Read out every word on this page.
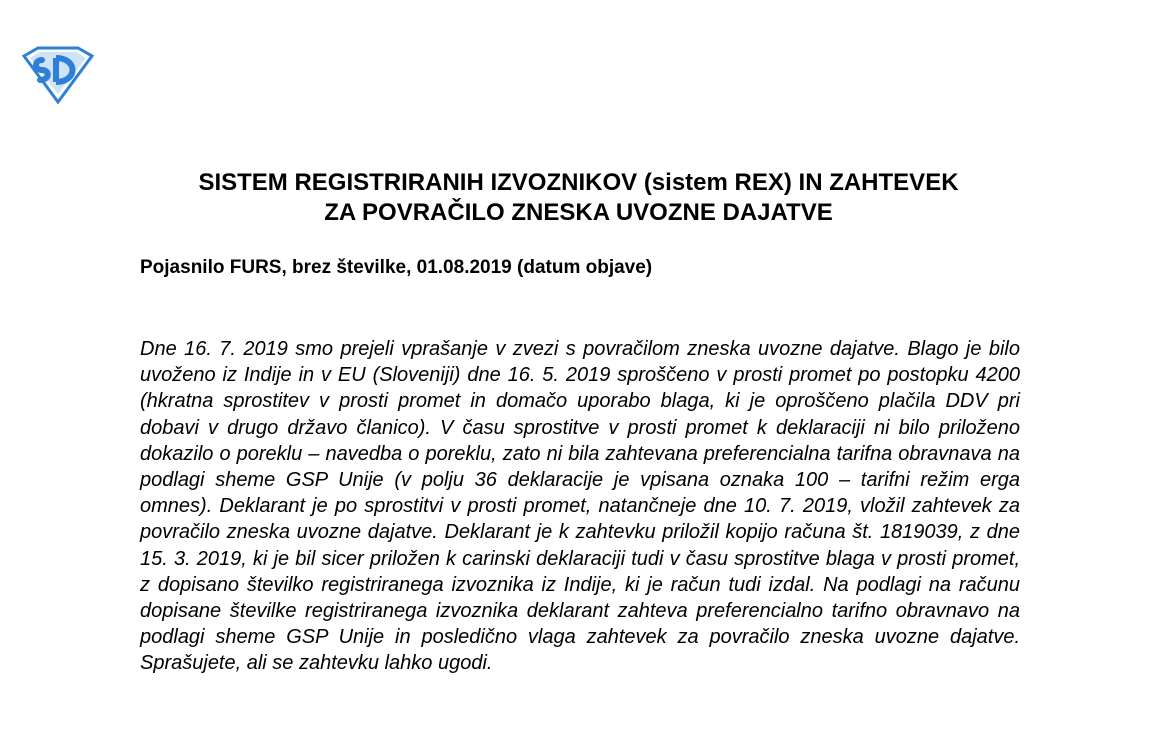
SISTEM REGISTRIRANIH IZVOZNIKOV (sistem REX) IN ZAHTEVEK
ZA POVRAČILO ZNESKA UVOZNE DAJATVE

Pojasnilo FURS, brez številke, 01.08.2019 (datum objave)

Dne 16. 7. 2019 smo prejeli vprašanje v zvezi s povračilom zneska uvozne dajatve. Blago je bilo uvoženo iz Indije in v EU (Sloveniji) dne 16. 5. 2019 sproščeno v prosti promet po postopku 4200 (hkratna sprostitev v prosti promet in domačo uporabo blaga, ki je oproščeno plačila DDV pri dobavi v drugo državo članico). V času sprostitve v prosti promet k deklaraciji ni bilo priloženo dokazilo o poreklu – navedba o poreklu, zato ni bila zahtevana preferencialna tarifna obravnava na podlagi sheme GSP Unije (v polju 36 deklaracije je vpisana oznaka 100 – tarifni režim erga omnes). Deklarant je po sprostitvi v prosti promet, natančneje dne 10. 7. 2019, vložil zahtevek za povračilo zneska uvozne dajatve. Deklarant je k zahtevku priložil kopijo računa št. 1819039, z dne 15. 3. 2019, ki je bil sicer priložen k carinski deklaraciji tudi v času sprostitve blaga v prosti promet, z dopisano številko registriranega izvoznika iz Indije, ki je račun tudi izdal. Na podlagi na računu dopisane številke registriranega izvoznika deklarant zahteva preferencialno tarifno obravnavo na podlagi sheme GSP Unije in posledično vlaga zahtevek za povračilo zneska uvozne dajatve. Sprašujete, ali se zahtevku lahko ugodi.
